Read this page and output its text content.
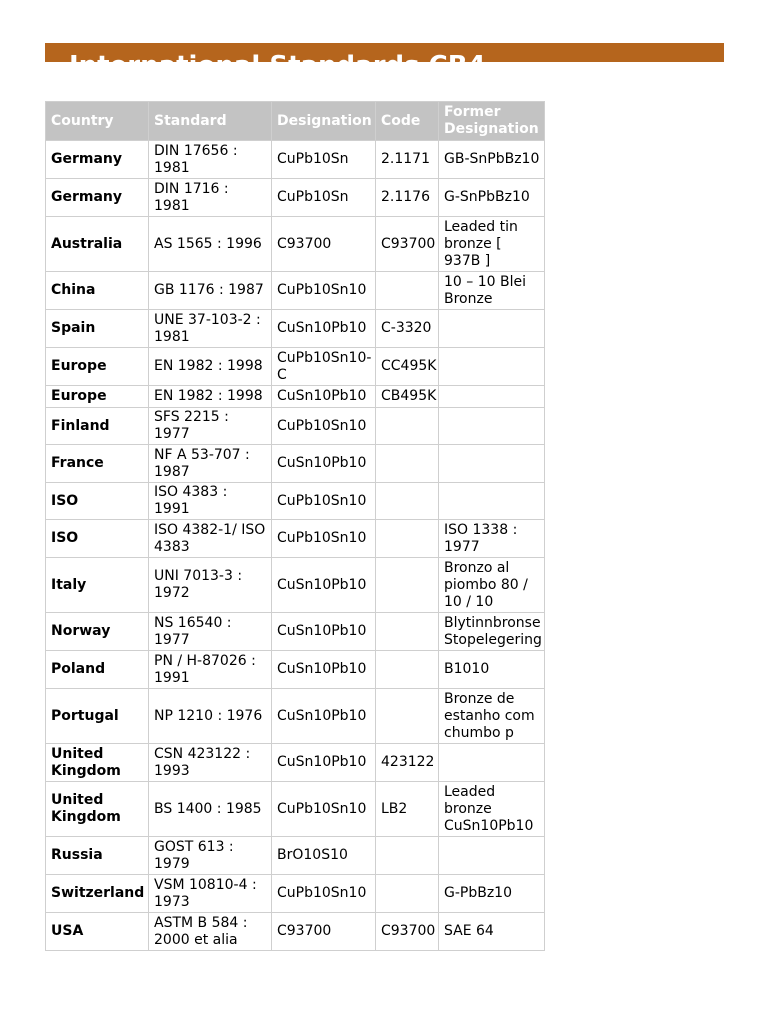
International Standards CB4
Country	Standard	Designation	Code	Former Designation
Germany	DIN 17656 : 1981	CuPb10Sn	2.1171	GB-SnPbBz10
Germany	DIN 1716 : 1981	CuPb10Sn	2.1176	G-SnPbBz10
Australia	AS 1565 : 1996	C93700	C93700	Leaded tin bronze [ 937B ]
China	GB 1176 : 1987	CuPb10Sn10		10 – 10 Blei Bronze
Spain	UNE 37-103-2 : 1981	CuSn10Pb10	C-3320	
Europe	EN 1982 : 1998	CuPb10Sn10-C	CC495K	
Europe	EN 1982 : 1998	CuSn10Pb10	CB495K	
Finland	SFS 2215 : 1977	CuPb10Sn10		
France	NF A 53-707 : 1987	CuSn10Pb10		
ISO	ISO 4383 : 1991	CuPb10Sn10		
ISO	ISO 4382-1/ ISO 4383	CuPb10Sn10		ISO 1338 : 1977
Italy	UNI 7013-3 : 1972	CuSn10Pb10		Bronzo al piombo 80 / 10 / 10
Norway	NS 16540 : 1977	CuSn10Pb10		Blytinnbronse Stopelegering
Poland	PN / H-87026 : 1991	CuSn10Pb10		B1010
Portugal	NP 1210 : 1976	CuSn10Pb10		Bronze de estanho com chumbo p
United Kingdom	CSN 423122 : 1993	CuSn10Pb10	423122	
United Kingdom	BS 1400 : 1985	CuPb10Sn10	LB2	Leaded bronze CuSn10Pb10
Russia	GOST 613 : 1979	BrO10S10		
Switzerland	VSM 10810-4 : 1973	CuPb10Sn10		G-PbBz10
USA	ASTM B 584 : 2000 et alia	C93700	C93700	SAE 64
